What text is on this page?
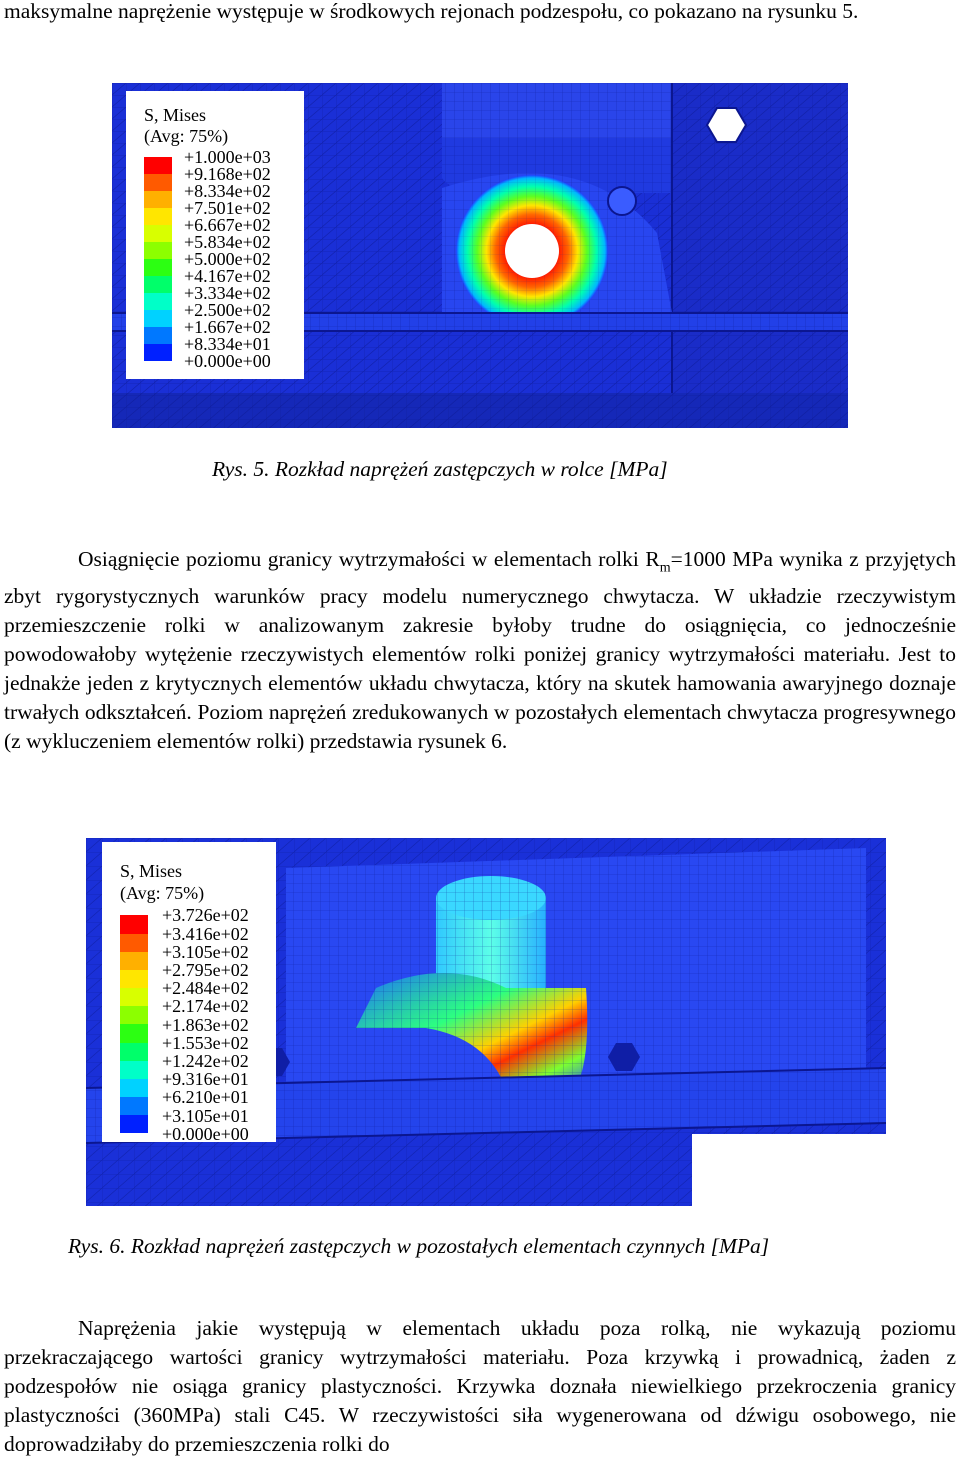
maksymalne naprężenie występuje w środkowych rejonach podzespołu, co pokazano na rysunku 5.

S, Mises
(Avg: 75%)
+1.000e+03
+9.168e+02
+8.334e+02
+7.501e+02
+6.667e+02
+5.834e+02
+5.000e+02
+4.167e+02
+3.334e+02
+2.500e+02
+1.667e+02
+8.334e+01
+0.000e+00

Rys. 5. Rozkład naprężeń zastępczych w rolce [MPa]

Osiągnięcie poziomu granicy wytrzymałości w elementach rolki $R_m=1000$ MPa wynika z przyjętych zbyt rygorystycznych warunków pracy modelu numerycznego chwytacza. W układzie rzeczywistym przemieszczenie rolki w analizowanym zakresie byłoby trudne do osiągnięcia, co jednocześnie powodowałoby wytężenie rzeczywistych elementów rolki poniżej granicy wytrzymałości materiału. Jest to jednakże jeden z krytycznych elementów układu chwytacza, który na skutek hamowania awaryjnego doznaje trwałych odkształceń. Poziom naprężeń zredukowanych w pozostałych elementach chwytacza progresywnego (z wykluczeniem elementów rolki) przedstawia rysunek 6.

S, Mises
(Avg: 75%)
+3.726e+02
+3.416e+02
+3.105e+02
+2.795e+02
+2.484e+02
+2.174e+02
+1.863e+02
+1.553e+02
+1.242e+02
+9.316e+01
+6.210e+01
+3.105e+01
+0.000e+00

Rys. 6. Rozkład naprężeń zastępczych w pozostałych elementach czynnych [MPa]

Naprężenia jakie występują w elementach układu poza rolką, nie wykazują poziomu przekraczającego wartości granicy wytrzymałości materiału. Poza krzywką i prowadnicą, żaden z podzespołów nie osiąga granicy plastyczności. Krzywka doznała niewielkiego przekroczenia granicy plastyczności (360MPa) stali C45. W rzeczywistości siła wygenerowana od dźwigu osobowego, nie doprowadziłaby do przemieszczenia rolki do
